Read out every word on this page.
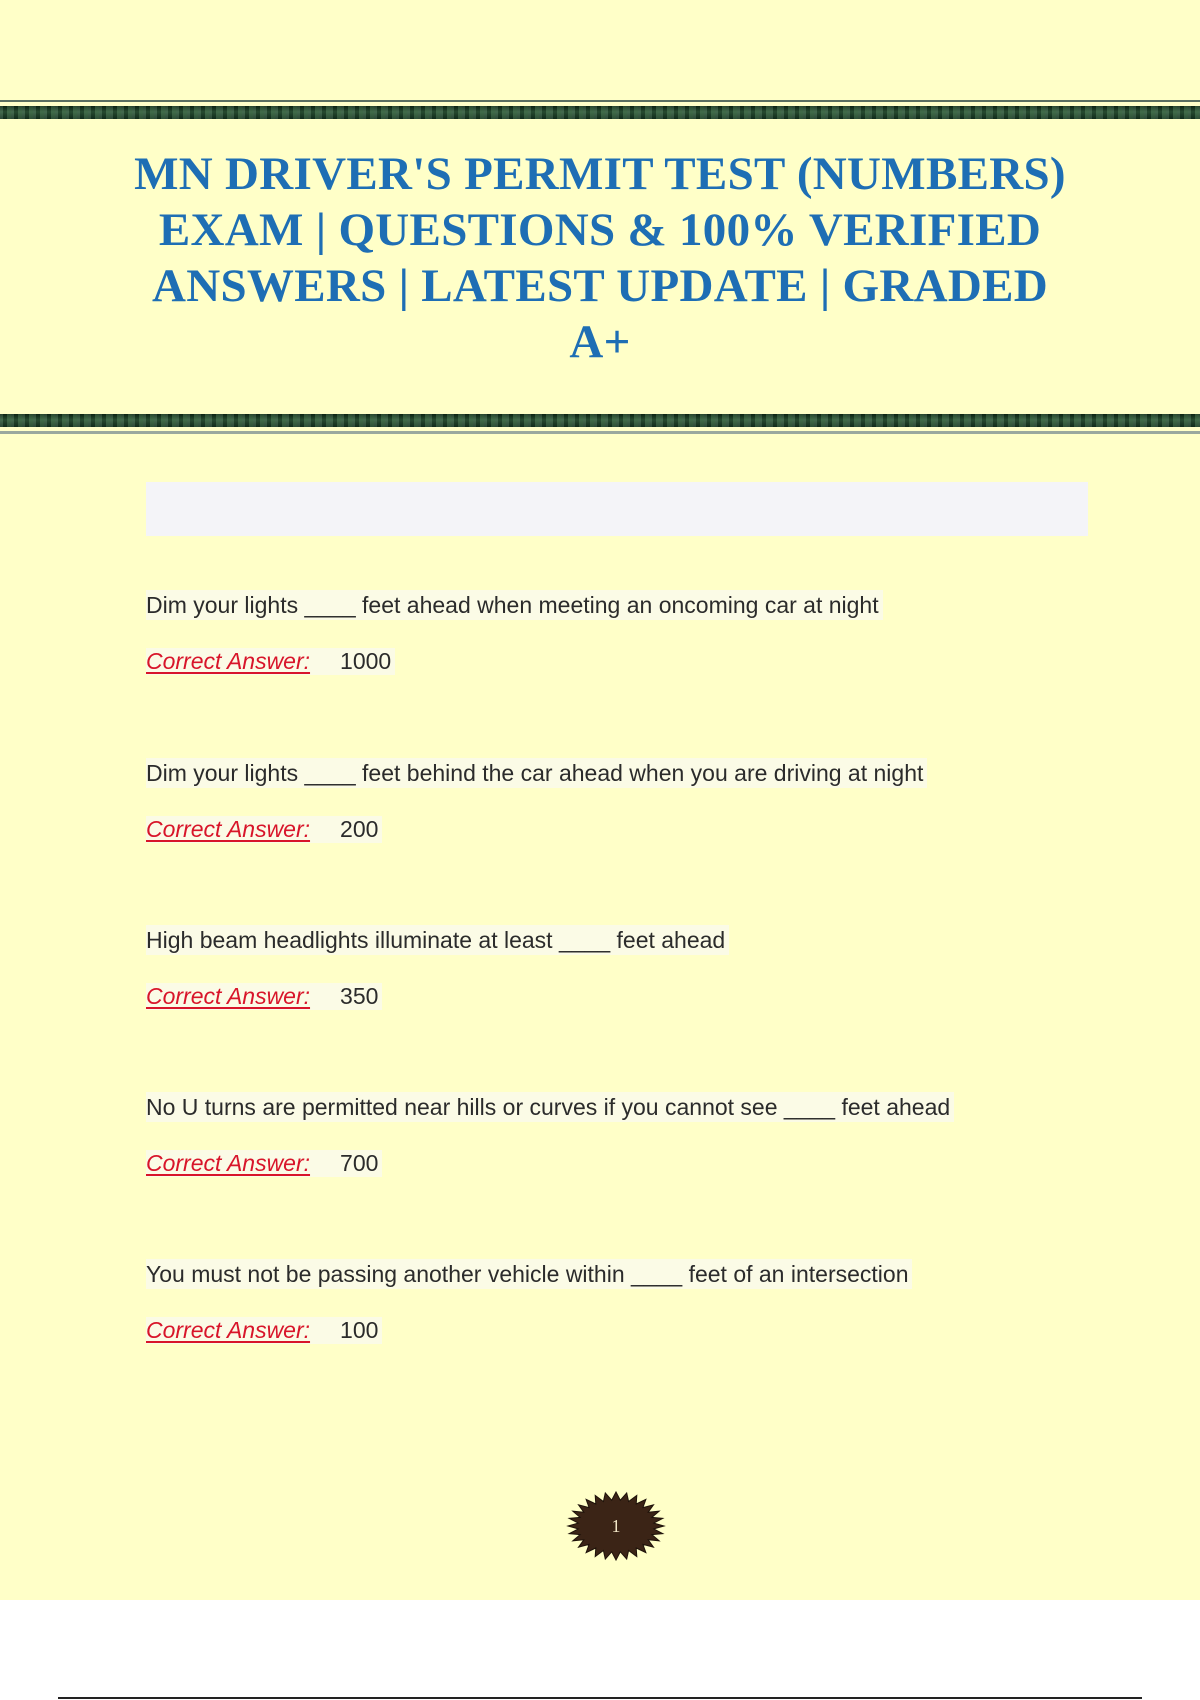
MN DRIVER'S PERMIT TEST (NUMBERS) EXAM | QUESTIONS & 100% VERIFIED ANSWERS | LATEST UPDATE | GRADED A+
Dim your lights ____ feet ahead when meeting an oncoming car at night
Correct Answer:	1000
Dim your lights ____ feet behind the car ahead when you are driving at night
Correct Answer:	200
High beam headlights illuminate at least ____ feet ahead
Correct Answer:	350
No U turns are permitted near hills or curves if you cannot see ____ feet ahead
Correct Answer:	700
You must not be passing another vehicle within ____ feet of an intersection
Correct Answer:	100
1
